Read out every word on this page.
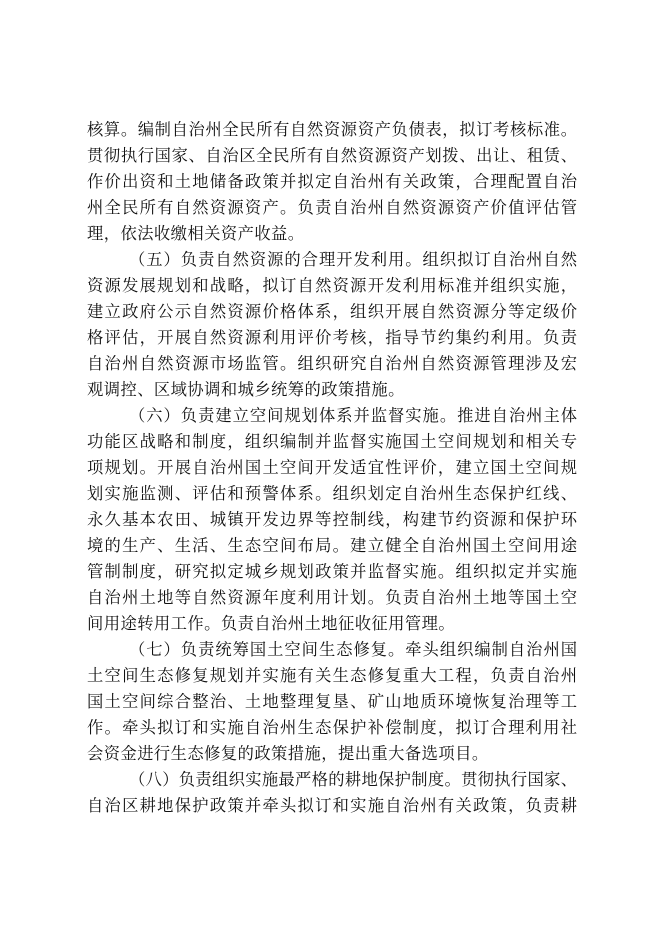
核算。编制自治州全民所有自然资源资产负债表，拟订考核标准。
贯彻执行国家、自治区全民所有自然资源资产划拨、出让、租赁、
作价出资和土地储备政策并拟定自治州有关政策，合理配置自治
州全民所有自然资源资产。负责自治州自然资源资产价值评估管
理，依法收缴相关资产收益。
（五）负责自然资源的合理开发利用。组织拟订自治州自然
资源发展规划和战略，拟订自然资源开发利用标准并组织实施，
建立政府公示自然资源价格体系，组织开展自然资源分等定级价
格评估，开展自然资源利用评价考核，指导节约集约利用。负责
自治州自然资源市场监管。组织研究自治州自然资源管理涉及宏
观调控、区域协调和城乡统筹的政策措施。
（六）负责建立空间规划体系并监督实施。推进自治州主体
功能区战略和制度，组织编制并监督实施国土空间规划和相关专
项规划。开展自治州国土空间开发适宜性评价，建立国土空间规
划实施监测、评估和预警体系。组织划定自治州生态保护红线、
永久基本农田、城镇开发边界等控制线，构建节约资源和保护环
境的生产、生活、生态空间布局。建立健全自治州国土空间用途
管制制度，研究拟定城乡规划政策并监督实施。组织拟定并实施
自治州土地等自然资源年度利用计划。负责自治州土地等国土空
间用途转用工作。负责自治州土地征收征用管理。
（七）负责统筹国土空间生态修复。牵头组织编制自治州国
土空间生态修复规划并实施有关生态修复重大工程，负责自治州
国土空间综合整治、土地整理复垦、矿山地质环境恢复治理等工
作。牵头拟订和实施自治州生态保护补偿制度，拟订合理利用社
会资金进行生态修复的政策措施，提出重大备选项目。
（八）负责组织实施最严格的耕地保护制度。贯彻执行国家、
自治区耕地保护政策并牵头拟订和实施自治州有关政策，负责耕
